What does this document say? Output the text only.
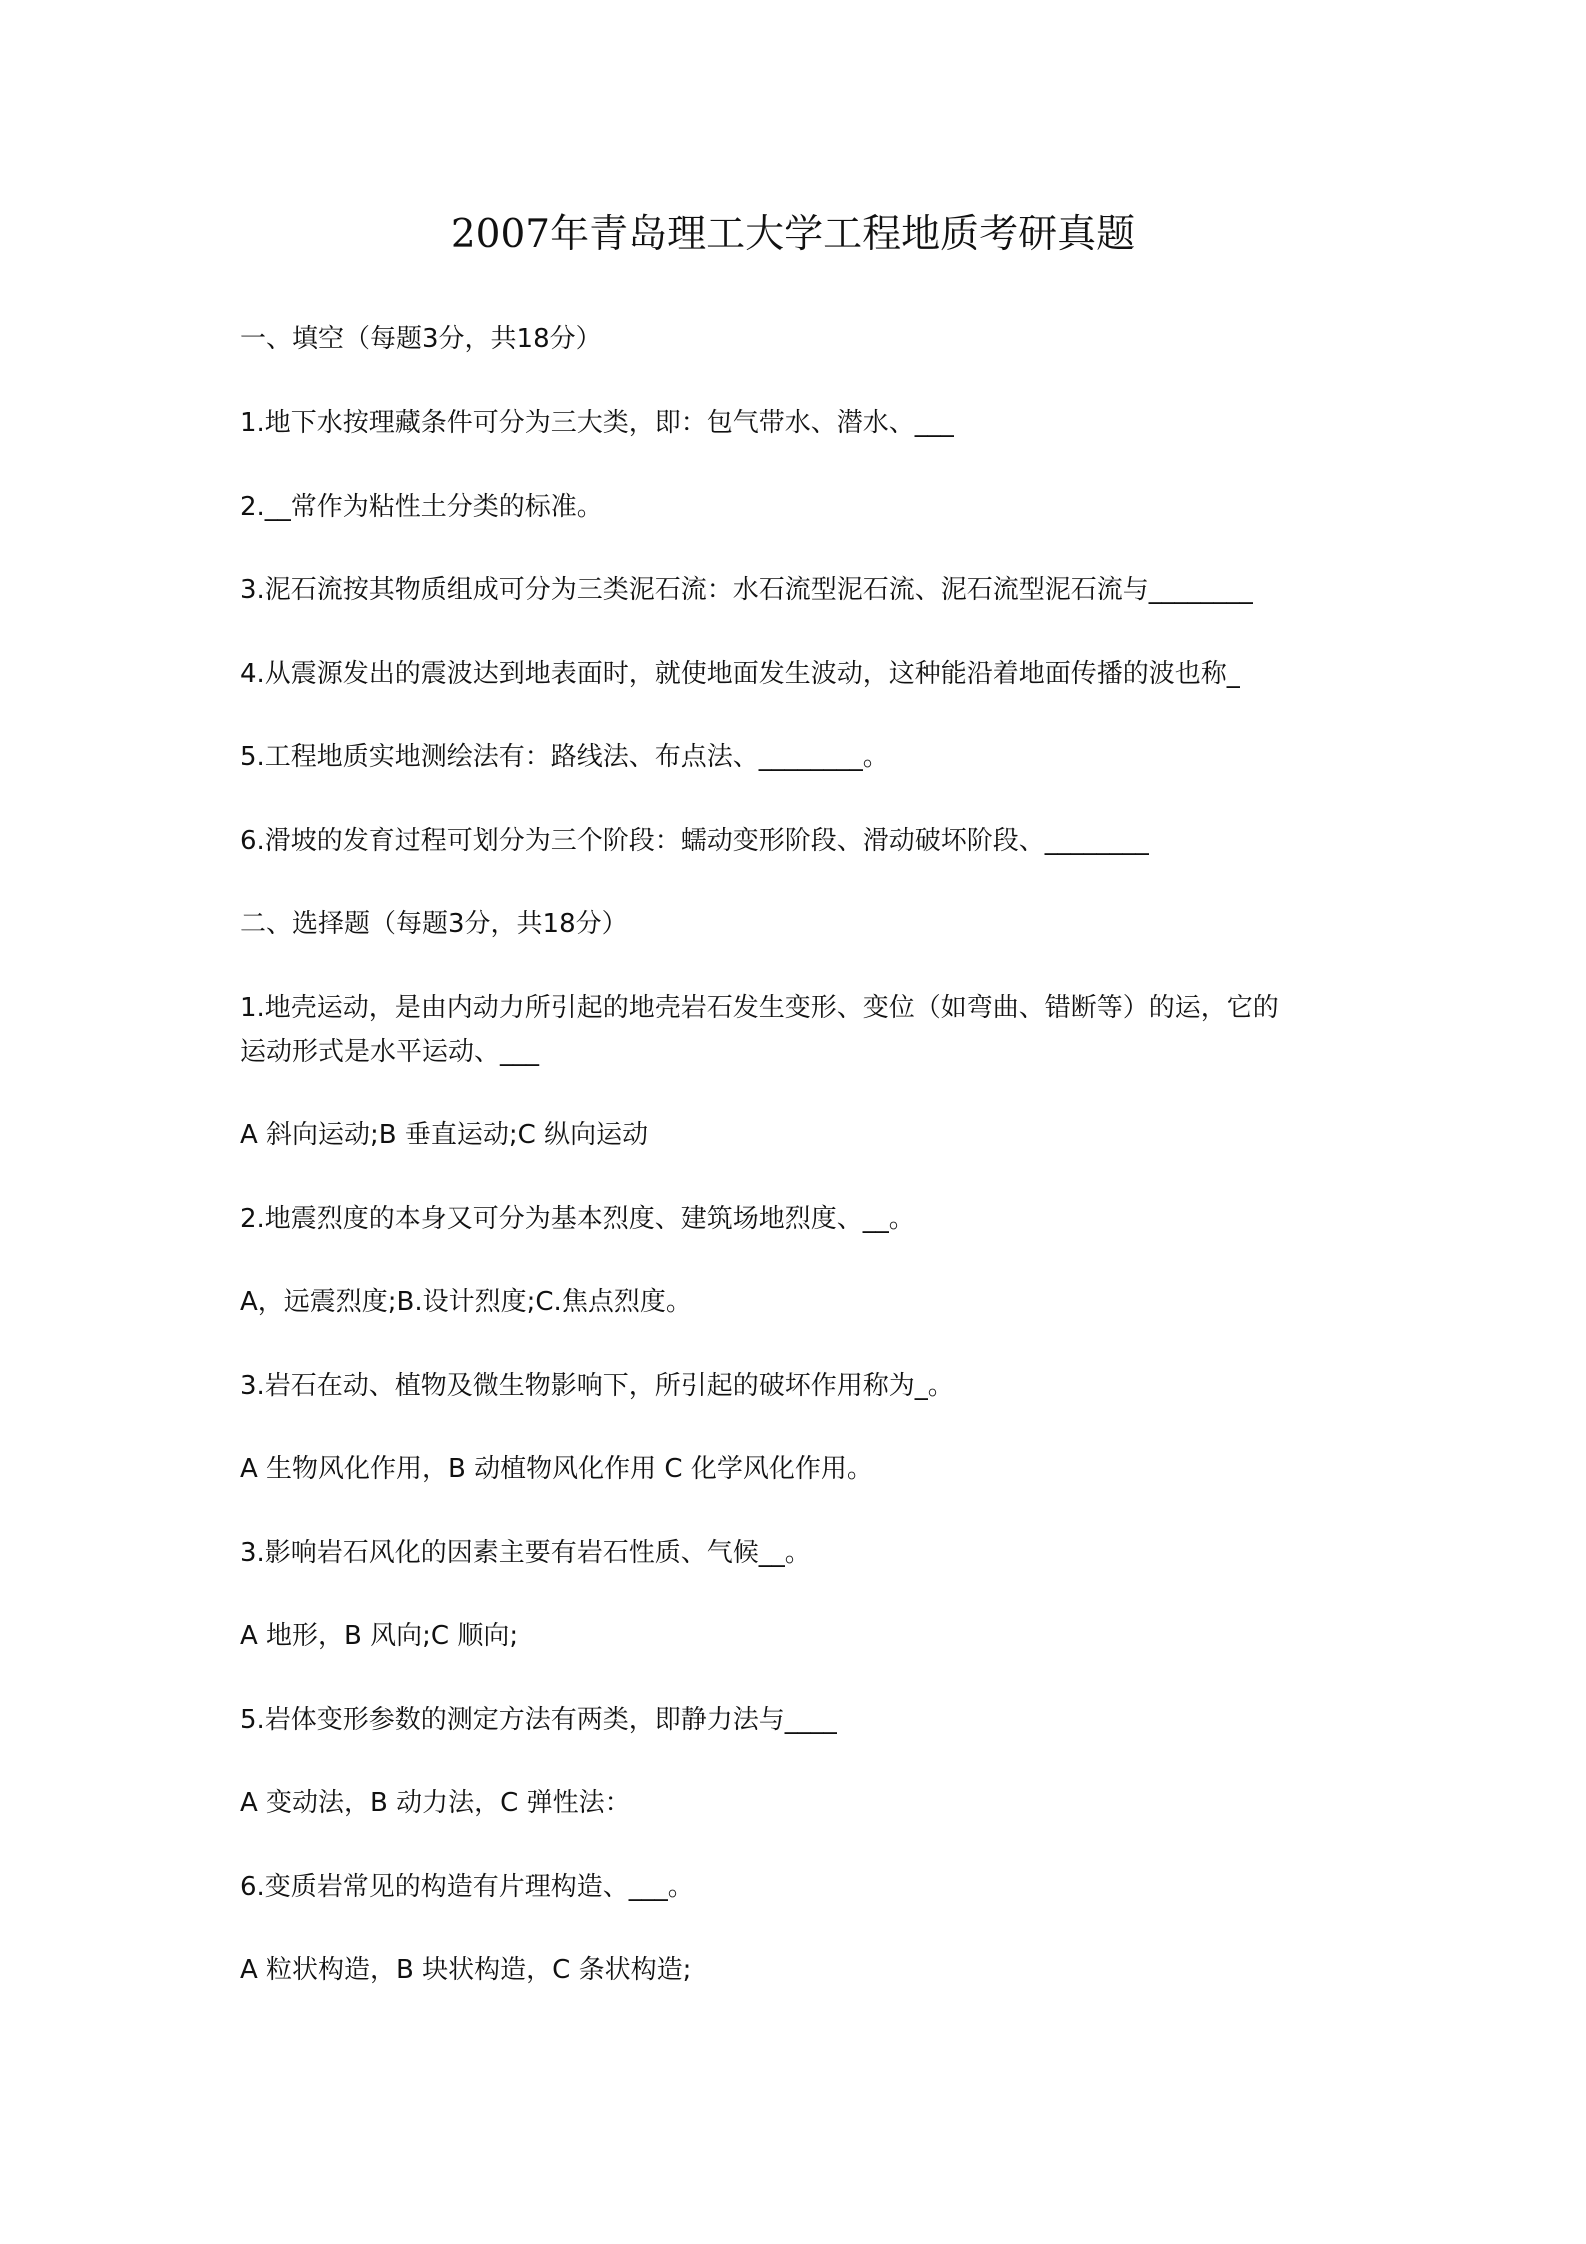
2007年青岛理工大学工程地质考研真题
一、填空（每题3分，共18分）
1.地下水按理藏条件可分为三大类，即：包气带水、潜水、___
2.__常作为粘性土分类的标准。
3.泥石流按其物质组成可分为三类泥石流：水石流型泥石流、泥石流型泥石流与________
4.从震源发出的震波达到地表面时，就使地面发生波动，这种能沿着地面传播的波也称_
5.工程地质实地测绘法有：路线法、布点法、________。
6.滑坡的发育过程可划分为三个阶段：蠕动变形阶段、滑动破坏阶段、________
二、选择题（每题3分，共18分）
1.地壳运动，是由内动力所引起的地壳岩石发生变形、变位（如弯曲、错断等）的运，它的
运动形式是水平运动、___
A 斜向运动;B 垂直运动;C 纵向运动
2.地震烈度的本身又可分为基本烈度、建筑场地烈度、__。
A，远震烈度;B.设计烈度;C.焦点烈度。
3.岩石在动、植物及微生物影响下，所引起的破坏作用称为_。
A 生物风化作用，B 动植物风化作用 C 化学风化作用。
3.影响岩石风化的因素主要有岩石性质、气候__。
A 地形，B 风向;C 顺向;
5.岩体变形参数的测定方法有两类，即静力法与____
A 变动法，B 动力法，C 弹性法：
6.变质岩常见的构造有片理构造、___。
A 粒状构造，B 块状构造，C 条状构造;
